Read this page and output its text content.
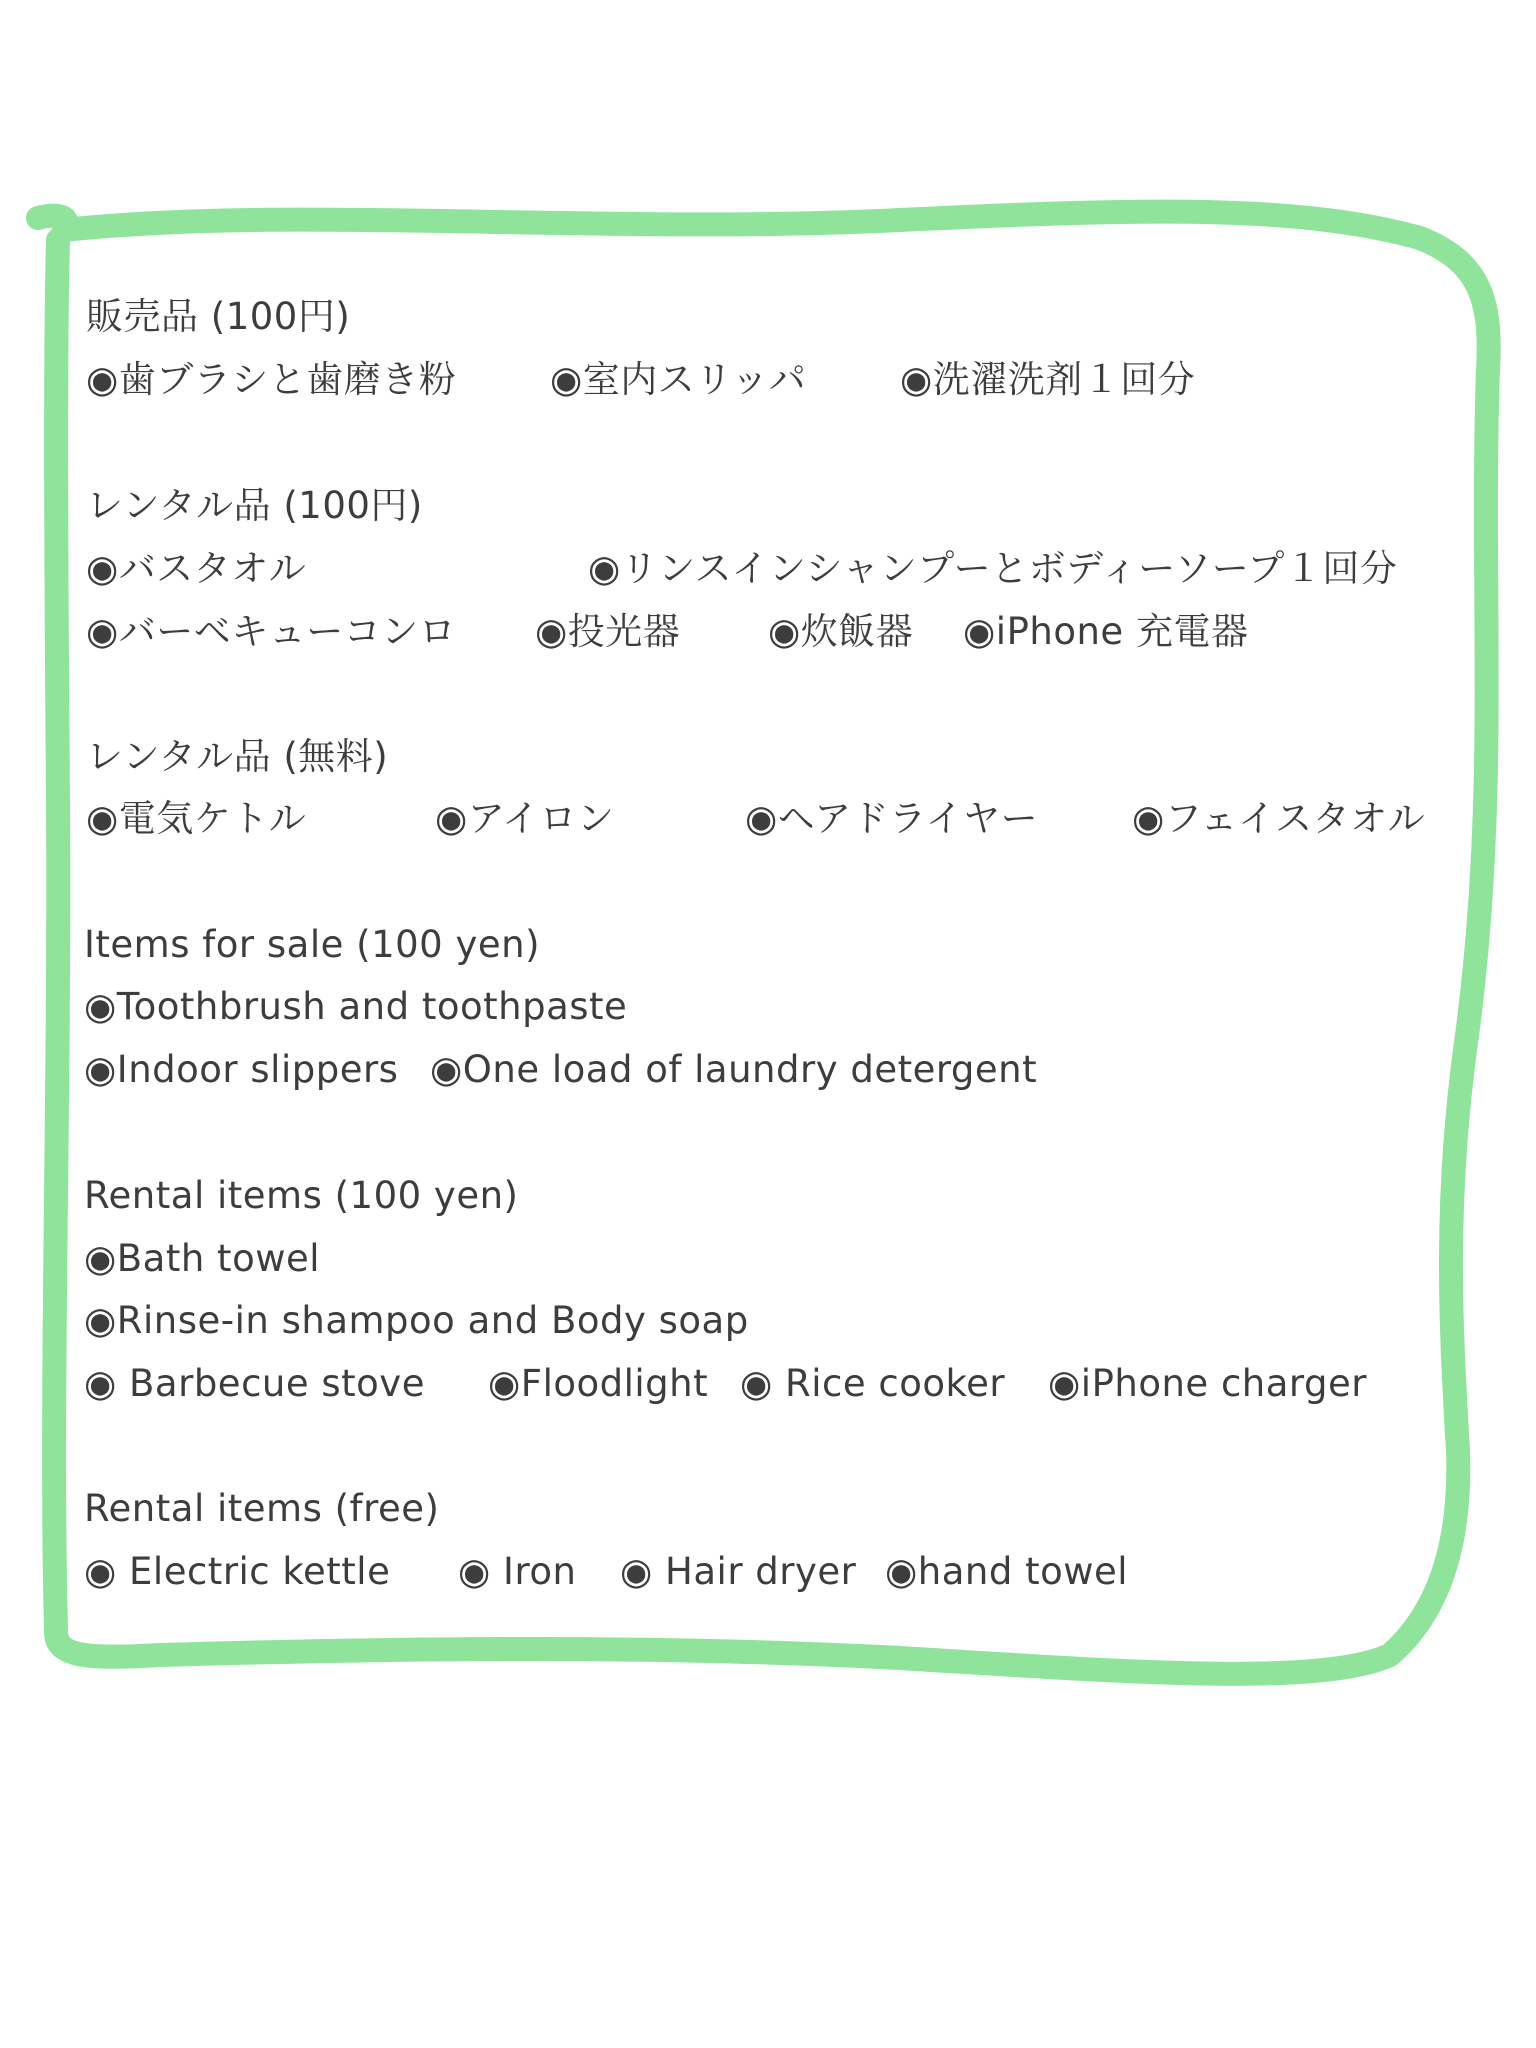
販売品 (100円)
◉歯ブラシと歯磨き粉	◉室内スリッパ	◉洗濯洗剤１回分
レンタル品 (100円)
◉バスタオル	◉リンスインシャンプーとボディーソープ１回分
◉バーベキューコンロ ◉投光器 ◉炊飯器 ◉iPhone 充電器
レンタル品 (無料)
◉電気ケトル	◉アイロン	◉ヘアドライヤー	◉フェイスタオル
Items for sale (100 yen)
◉Toothbrush and toothpaste
◉Indoor slippers ◉One load of laundry detergent
Rental items (100 yen)
◉Bath towel
◉Rinse-in shampoo and Body soap
◉ Barbecue stove ◉Floodlight ◉ Rice cooker ◉iPhone charger
Rental items (free)
◉ Electric kettle ◉ Iron ◉ Hair dryer ◉hand towel
